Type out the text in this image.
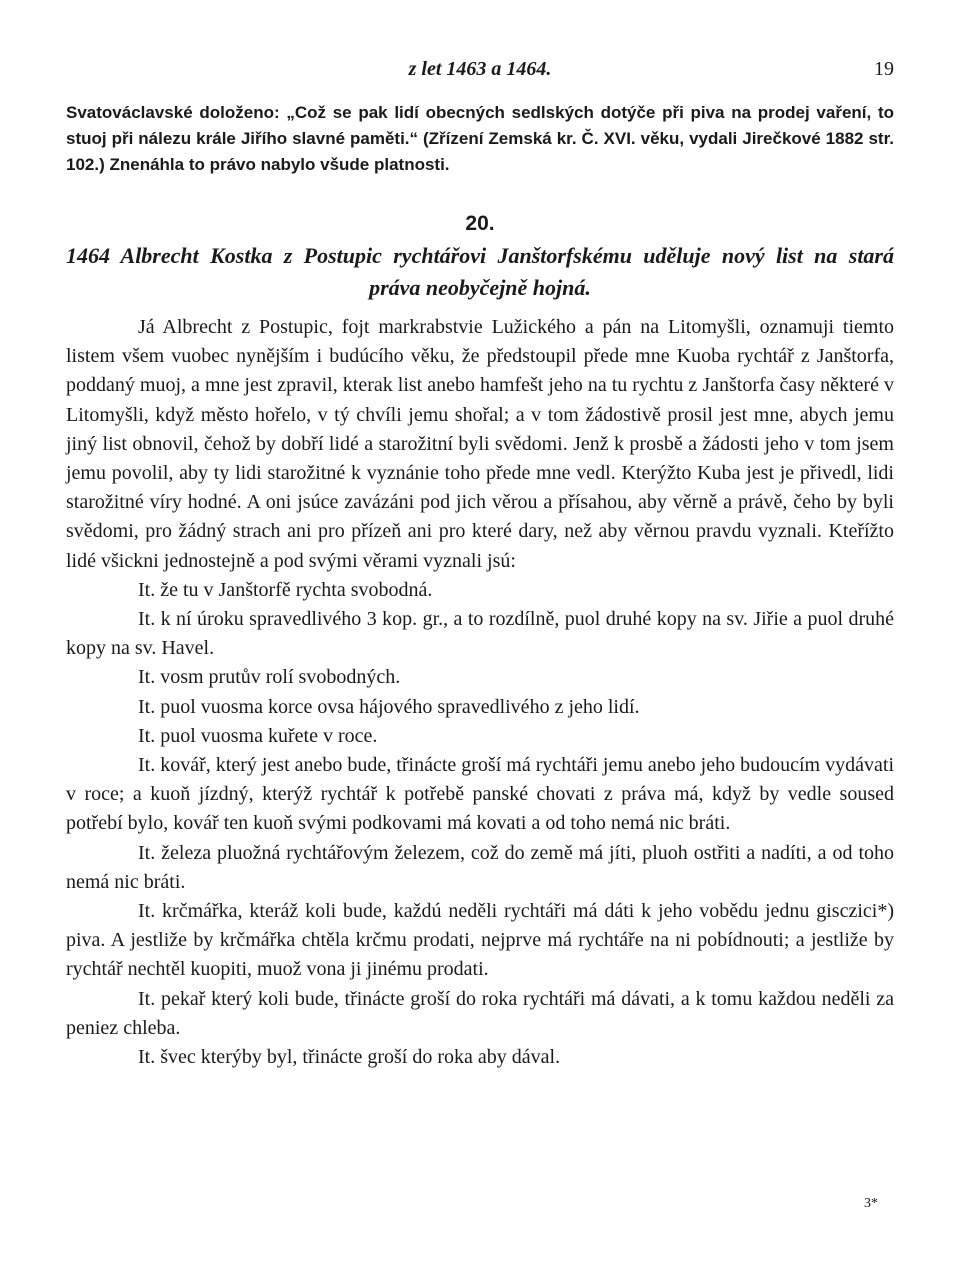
z let 1463 a 1464.	19
Svatováclavské doloženo: „Což se pak lidí obecných sedlských dotýče při piva na prodej vaření, to stuoj při nálezu krále Jiřího slavné paměti.“ (Zřízení Zemská kr. Č. XVI. věku, vydali Jirečkové 1882 str. 102.) Znenáhla to právo nabylo všude platnosti.
20.
1464 Albrecht Kostka z Postupic rychtářovi Janštorfskému uděluje nový list na stará
práva neobyčejně hojná.

Já Albrecht z Postupic, fojt markrabstvie Lužického a pán na Litomyšli, oznamuji tiemto listem všem vuobec nynějším i budúcího věku, že předstoupil přede mne Kuoba rychtář z Janštorfa, poddaný muoj, a mne jest zpravil, kterak list anebo hamfešt jeho na tu rychtu z Janštorfa časy některé v Litomyšli, když město hořelo, v tý chvíli jemu shořal; a v tom žádostivě prosil jest mne, abych jemu jiný list obnovil, čehož by dobří lidé a starožitní byli svědomi. Jenž k prosbě a žádosti jeho v tom jsem jemu povolil, aby ty lidi starožitné k vyznánie toho přede mne vedl. Kterýžto Kuba jest je přivedl, lidi starožitné víry hodné. A oni jsúce zavázáni pod jich věrou a přísahou, aby věrně a právě, čeho by byli svědomi, pro žádný strach ani pro přízeň ani pro které dary, než aby věrnou pravdu vyznali. Kteřížto lidé všickni jednostejně a pod svými věrami vyznali jsú:

It. že tu v Janštorfě rychta svobodná.

It. k ní úroku spravedlivého 3 kop. gr., a to rozdílně, puol druhé kopy na sv. Jiřie a puol druhé kopy na sv. Havel.

It. vosm prutův rolí svobodných.

It. puol vuosma korce ovsa hájového spravedlivého z jeho lidí.

It. puol vuosma kuřete v roce.

It. kovář, který jest anebo bude, třinácte groší má rychtáři jemu anebo jeho budoucím vydávati v roce; a kuoň jízdný, kterýž rychtář k potřebě panské chovati z práva má, když by vedle soused potřebí bylo, kovář ten kuoň svými podkovami má kovati a od toho nemá nic bráti.

It. železa pluožná rychtářovým železem, což do země má jíti, pluoh ostřiti a nadíti, a od toho nemá nic bráti.

It. krčmářka, kteráž koli bude, každú neděli rychtáři má dáti k jeho vobědu jednu gisczici*) piva. A jestliže by krčmářka chtěla krčmu prodati, nejprve má rychtáře na ni pobídnouti; a jestliže by rychtář nechtěl kuopiti, muož vona ji jinému prodati.

It. pekař který koli bude, třinácte groší do roka rychtáři má dávati, a k tomu každou neděli za peniez chleba.

It. švec kterýby byl, třinácte groší do roka aby dával.

3*
